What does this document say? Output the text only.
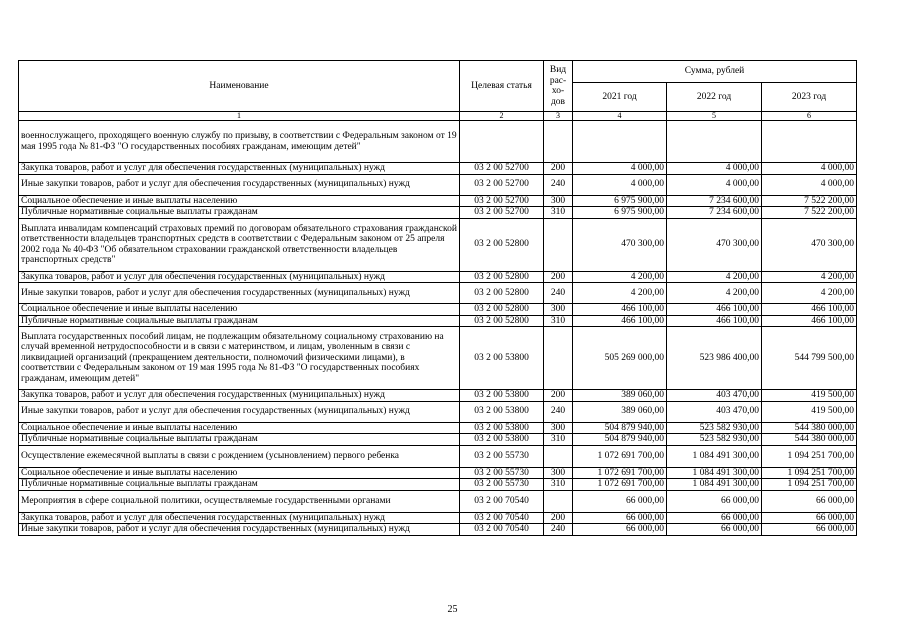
Наименование	Целевая статья	Вид рас-хо-дов	Сумма, рублей		
			2021 год	2022 год	2023 год
1	2	3	4	5	6
военнослужащего, проходящего военную службу по призыву, в соответствии с Федеральным законом от 19 мая 1995 года № 81-ФЗ "О государственных пособиях гражданам, имеющим детей"					
Закупка товаров, работ и услуг для обеспечения государственных (муниципальных) нужд	03 2 00 52700	200	4 000,00	4 000,00	4 000,00
Иные закупки товаров, работ и услуг для обеспечения государственных (муниципальных) нужд	03 2 00 52700	240	4 000,00	4 000,00	4 000,00
Социальное обеспечение и иные выплаты населению	03 2 00 52700	300	6 975 900,00	7 234 600,00	7 522 200,00
Публичные нормативные социальные выплаты гражданам	03 2 00 52700	310	6 975 900,00	7 234 600,00	7 522 200,00
Выплата инвалидам компенсаций страховых премий по договорам обязательного страхования гражданской ответственности владельцев транспортных средств в соответствии с Федеральным законом от 25 апреля 2002 года № 40-ФЗ "Об обязательном страховании гражданской ответственности владельцев транспортных средств"	03 2 00 52800		470 300,00	470 300,00	470 300,00
Закупка товаров, работ и услуг для обеспечения государственных (муниципальных) нужд	03 2 00 52800	200	4 200,00	4 200,00	4 200,00
Иные закупки товаров, работ и услуг для обеспечения государственных (муниципальных) нужд	03 2 00 52800	240	4 200,00	4 200,00	4 200,00
Социальное обеспечение и иные выплаты населению	03 2 00 52800	300	466 100,00	466 100,00	466 100,00
Публичные нормативные социальные выплаты гражданам	03 2 00 52800	310	466 100,00	466 100,00	466 100,00
Выплата государственных пособий лицам, не подлежащим обязательному социальному страхованию на случай временной нетрудоспособности и в связи с материнством, и лицам, уволенным в связи с ликвидацией организаций (прекращением деятельности, полномочий физическими лицами), в соответствии с Федеральным законом от 19 мая 1995 года № 81-ФЗ "О государственных пособиях гражданам, имеющим детей"	03 2 00 53800		505 269 000,00	523 986 400,00	544 799 500,00
Закупка товаров, работ и услуг для обеспечения государственных (муниципальных) нужд	03 2 00 53800	200	389 060,00	403 470,00	419 500,00
Иные закупки товаров, работ и услуг для обеспечения государственных (муниципальных) нужд	03 2 00 53800	240	389 060,00	403 470,00	419 500,00
Социальное обеспечение и иные выплаты населению	03 2 00 53800	300	504 879 940,00	523 582 930,00	544 380 000,00
Публичные нормативные социальные выплаты гражданам	03 2 00 53800	310	504 879 940,00	523 582 930,00	544 380 000,00
Осуществление ежемесячной выплаты в связи с рождением (усыновлением) первого ребенка	03 2 00 55730		1 072 691 700,00	1 084 491 300,00	1 094 251 700,00
Социальное обеспечение и иные выплаты населению	03 2 00 55730	300	1 072 691 700,00	1 084 491 300,00	1 094 251 700,00
Публичные нормативные социальные выплаты гражданам	03 2 00 55730	310	1 072 691 700,00	1 084 491 300,00	1 094 251 700,00
Мероприятия в сфере социальной политики, осуществляемые государственными органами	03 2 00 70540		66 000,00	66 000,00	66 000,00
Закупка товаров, работ и услуг для обеспечения государственных (муниципальных) нужд	03 2 00 70540	200	66 000,00	66 000,00	66 000,00
Иные закупки товаров, работ и услуг для обеспечения государственных (муниципальных) нужд	03 2 00 70540	240	66 000,00	66 000,00	66 000,00
25
